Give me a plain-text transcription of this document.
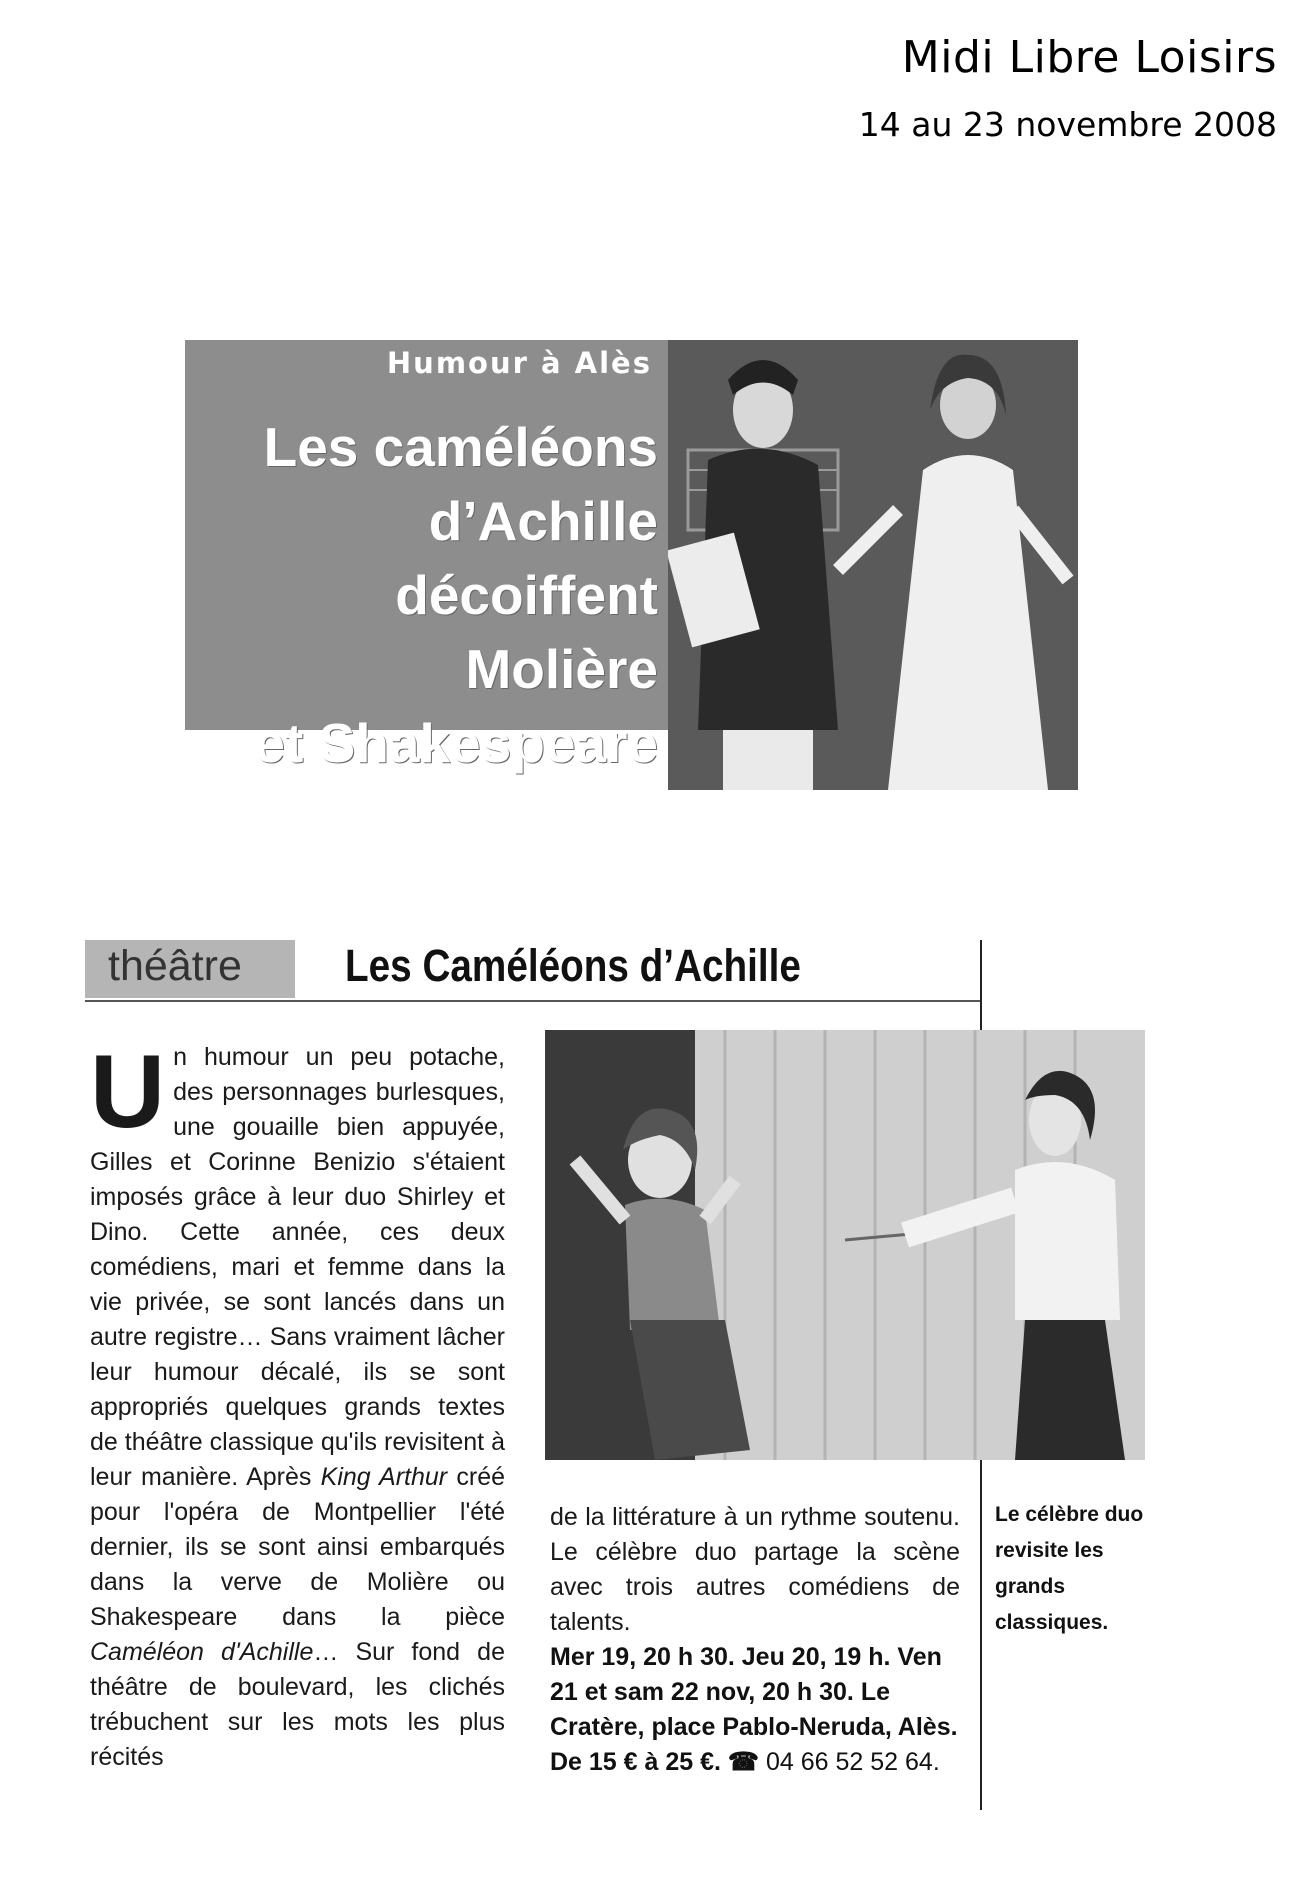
Midi Libre Loisirs
14 au 23 novembre 2008
Humour à Alès
Les caméléons
d’Achille
décoiffent Molière
et Shakespeare
théâtre Les Caméléons d’Achille
Un humour un peu potache, des personnages burlesques, une gouaille bien appuyée, Gilles et Corinne Benizio s'étaient imposés grâce à leur duo Shirley et Dino. Cette année, ces deux comédiens, mari et femme dans la vie privée, se sont lancés dans un autre registre… Sans vraiment lâcher leur humour décalé, ils se sont appropriés quelques grands textes de théâtre classique qu'ils revisitent à leur manière. Après King Arthur créé pour l'opéra de Montpellier l'été dernier, ils se sont ainsi embarqués dans la verve de Molière ou Shakespeare dans la pièce Caméléon d'Achille… Sur fond de théâtre de boulevard, les clichés trébuchent sur les mots les plus récités
de la littérature à un rythme soutenu. Le célèbre duo partage la scène avec trois autres comédiens de talents.
Mer 19, 20 h 30. Jeu 20, 19 h. Ven 21 et sam 22 nov, 20 h 30. Le Cratère, place Pablo-Neruda, Alès. De 15 € à 25 €. ☎ 04 66 52 52 64.
Le célèbre duo revisite les grands classiques.
